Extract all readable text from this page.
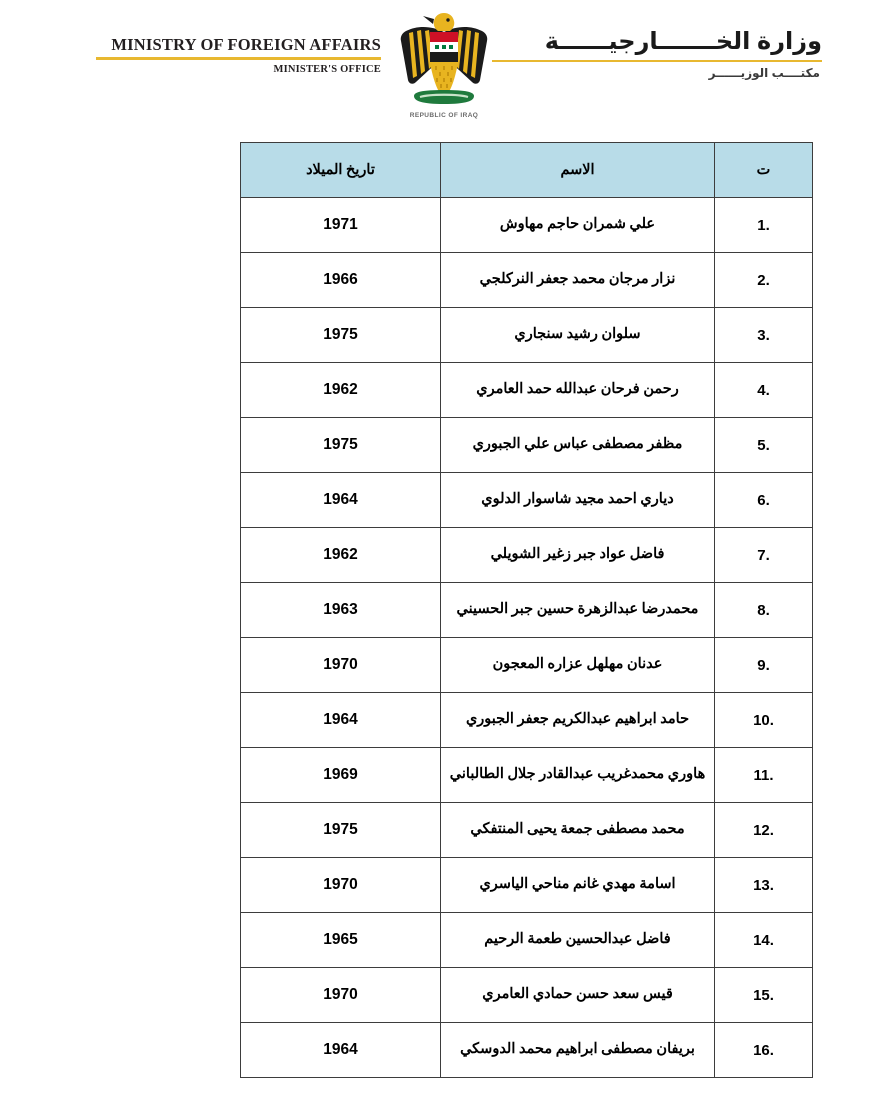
MINISTRY OF FOREIGN AFFAIRS
MINISTER'S OFFICE
REPUBLIC OF IRAQ
وزارة الخـــــــارجيــــــة
مكتــــب الوزيــــــر
ت	الاسم	تاريخ الميلاد
1.	علي شمران حاجم مهاوش	1971
2.	نزار مرجان محمد جعفر النركلجي	1966
3.	سلوان رشيد سنجاري	1975
4.	رحمن فرحان عبدالله حمد العامري	1962
5.	مظفر مصطفى عباس علي الجبوري	1975
6.	دياري احمد مجيد شاسوار الدلوي	1964
7.	فاضل عواد جبر زغير الشويلي	1962
8.	محمدرضا عبدالزهرة حسين جبر الحسيني	1963
9.	عدنان مهلهل عزاره المعجون	1970
10.	حامد ابراهيم عبدالكريم جعفر الجبوري	1964
11.	هاوري محمدغريب عبدالقادر جلال الطالباني	1969
12.	محمد مصطفى جمعة يحيى المنتفكي	1975
13.	اسامة مهدي غانم مناحي الياسري	1970
14.	فاضل عبدالحسين طعمة الرحيم	1965
15.	قيس سعد حسن حمادي العامري	1970
16.	بريفان مصطفى ابراهيم محمد الدوسكي	1964
